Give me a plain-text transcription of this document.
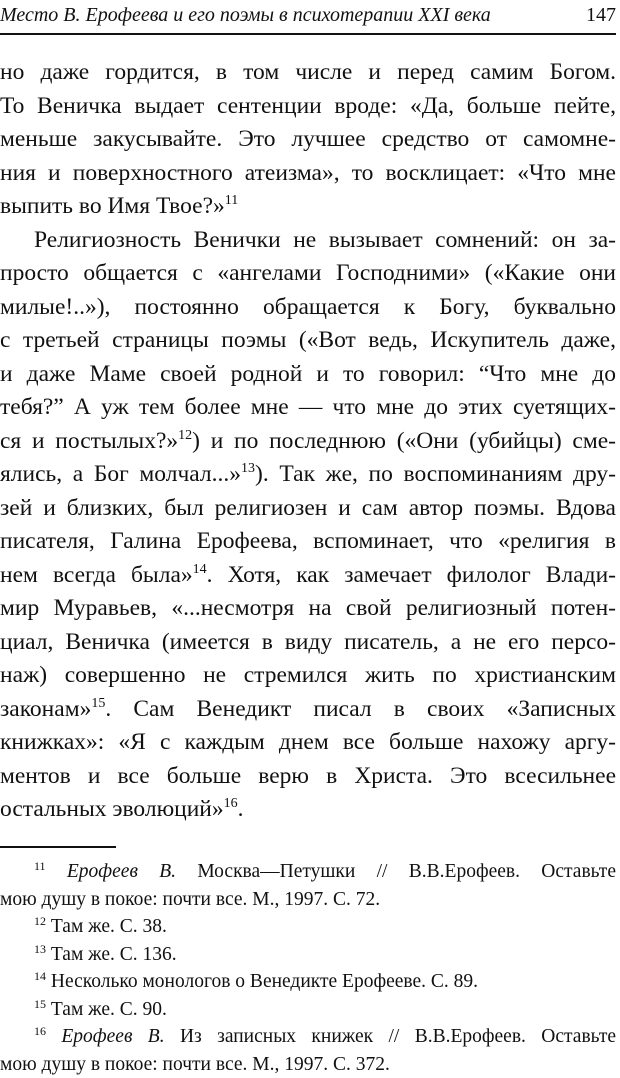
Место В. Ерофеева и его поэмы в психотерапии XXI века	147
но даже гордится, в том числе и перед самим Богом.
То Веничка выдает сентенции вроде: «Да, больше пейте,
меньше закусывайте. Это лучшее средство от самомне-
ния и поверхностного атеизма», то восклицает: «Что мне
выпить во Имя Твое?»$^{11}$
Религиозность Венички не вызывает сомнений: он за-
просто общается с «ангелами Господними» («Какие они
милые!..»), постоянно обращается к Богу, буквально
с третьей страницы поэмы («Вот ведь, Искупитель даже,
и даже Маме своей родной и то говорил: “Что мне до
тебя?” А уж тем более мне — что мне до этих суетящих-
ся и постылых?»$^{12}$) и по последнюю («Они (убийцы) сме-
ялись, а Бог молчал...»$^{13}$). Так же, по воспоминаниям дру-
зей и близких, был религиозен и сам автор поэмы. Вдова
писателя, Галина Ерофеева, вспоминает, что «религия в
нем всегда была»$^{14}$. Хотя, как замечает филолог Влади-
мир Муравьев, «...несмотря на свой религиозный потен-
циал, Веничка (имеется в виду писатель, а не его персо-
наж) совершенно не стремился жить по христианским
законам»$^{15}$. Сам Венедикт писал в своих «Записных
книжках»: «Я с каждым днем все больше нахожу аргу-
ментов и все больше верю в Христа. Это всесильнее
остальных эволюций»$^{16}$.
$^{11}$ Ерофеев В. Москва—Петушки // В.В.Ерофеев. Оставьте
мою душу в покое: почти все. М., 1997. С. 72.
$^{12}$ Там же. С. 38.
$^{13}$ Там же. С. 136.
$^{14}$ Несколько монологов о Венедикте Ерофееве. С. 89.
$^{15}$ Там же. С. 90.
$^{16}$ Ерофеев В. Из записных книжек // В.В.Ерофеев. Оставьте
мою душу в покое: почти все. М., 1997. С. 372.
